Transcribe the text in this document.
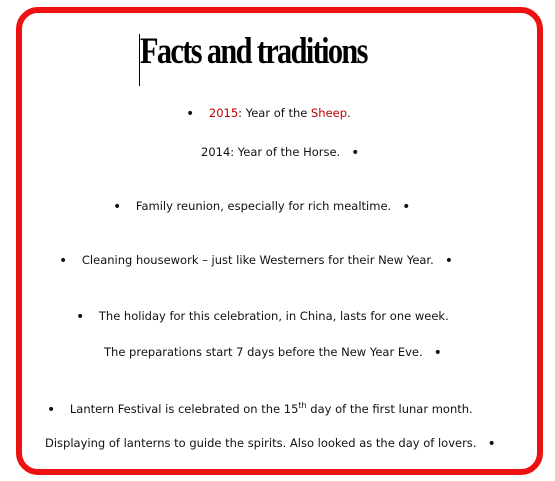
Facts and traditions
• 2015: Year of the Sheep.
2014: Year of the Horse. •
• Family reunion, especially for rich mealtime. •
• Cleaning housework – just like Westerners for their New Year. •
• The holiday for this celebration, in China, lasts for one week.
The preparations start 7 days before the New Year Eve. •
• Lantern Festival is celebrated on the 15th day of the first lunar month.
Displaying of lanterns to guide the spirits. Also looked as the day of lovers. •
